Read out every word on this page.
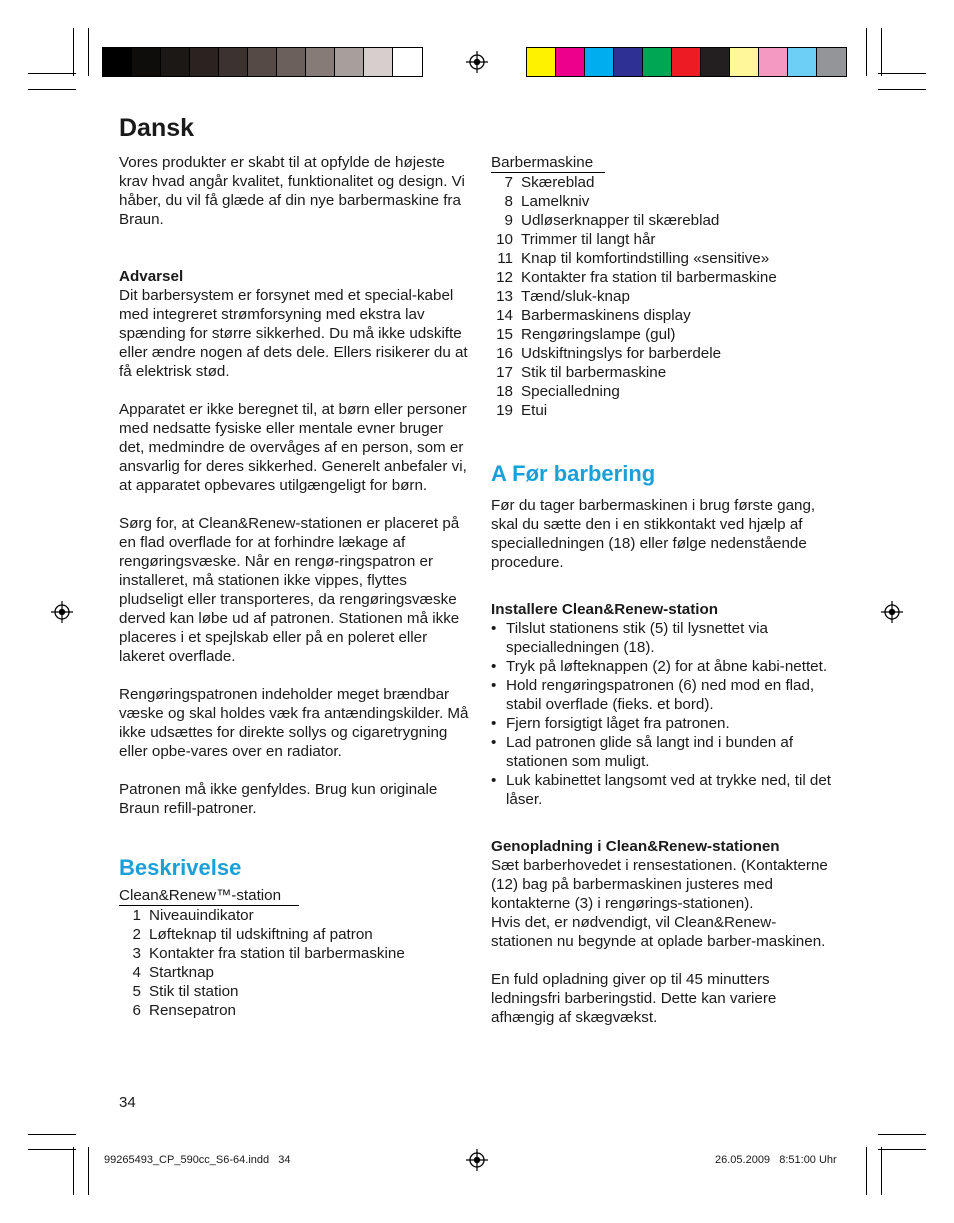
Dansk

Vores produkter er skabt til at opfylde de højeste krav hvad angår kvalitet, funktionalitet og design. Vi håber, du vil få glæde af din nye barbermaskine fra Braun.

Advarsel

Dit barbersystem er forsynet med et special-kabel med integreret strømforsyning med ekstra lav spænding for større sikkerhed. Du må ikke udskifte eller ændre nogen af dets dele. Ellers risikerer du at få elektrisk stød.

Apparatet er ikke beregnet til, at børn eller personer med nedsatte fysiske eller mentale evner bruger det, medmindre de overvåges af en person, som er ansvarlig for deres sikkerhed. Generelt anbefaler vi, at apparatet opbevares utilgængeligt for børn.

Sørg for, at Clean&Renew-stationen er placeret på en flad overflade for at forhindre lækage af rengøringsvæske. Når en rengø-ringspatron er installeret, må stationen ikke vippes, flyttes pludseligt eller transporteres, da rengøringsvæske derved kan løbe ud af patronen. Stationen må ikke placeres i et spejlskab eller på en poleret eller lakeret overflade.

Rengøringspatronen indeholder meget brændbar væske og skal holdes væk fra antændingskilder. Må ikke udsættes for direkte sollys og cigaretrygning eller opbe-vares over en radiator.

Patronen må ikke genfyldes. Brug kun originale Braun refill-patroner.

Beskrivelse
Clean&Renew™-station
1 Niveauindikator
2 Løfteknap til udskiftning af patron
3 Kontakter fra station til barbermaskine
4 Startknap
5 Stik til station
6 Rensepatron
34
Barbermaskine
7 Skæreblad
8 Lamelkniv
9 Udløserknapper til skæreblad
10 Trimmer til langt hår
11 Knap til komfortindstilling «sensitive»
12 Kontakter fra station til barbermaskine
13 Tænd/sluk-knap
14 Barbermaskinens display
15 Rengøringslampe (gul)
16 Udskiftningslys for barberdele
17 Stik til barbermaskine
18 Specialledning
19 Etui
A Før barbering

Før du tager barbermaskinen i brug første gang, skal du sætte den i en stikkontakt ved hjælp af specialledningen (18) eller følge nedenstående procedure.

Installere Clean&Renew-station

• Tilslut stationens stik (5) til lysnettet via specialledningen (18).
• Tryk på løfteknappen (2) for at åbne kabi-nettet.
• Hold rengøringspatronen (6) ned mod en flad, stabil overflade (fieks. et bord).
• Fjern forsigtigt låget fra patronen.
• Lad patronen glide så langt ind i bunden af stationen som muligt.
• Luk kabinettet langsomt ved at trykke ned, til det låser.

Genopladning i Clean&Renew-stationen

Sæt barberhovedet i rensestationen. (Kontakterne (12) bag på barbermaskinen justeres med kontakterne (3) i rengørings-stationen).

Hvis det, er nødvendigt, vil Clean&Renew-stationen nu begynde at oplade barber-maskinen.

En fuld opladning giver op til 45 minutters ledningsfri barberingstid. Dette kan variere afhængig af skægvækst.

99265493_CP_590cc_S6-64.indd   34	26.05.2009   8:51:00 Uhr
